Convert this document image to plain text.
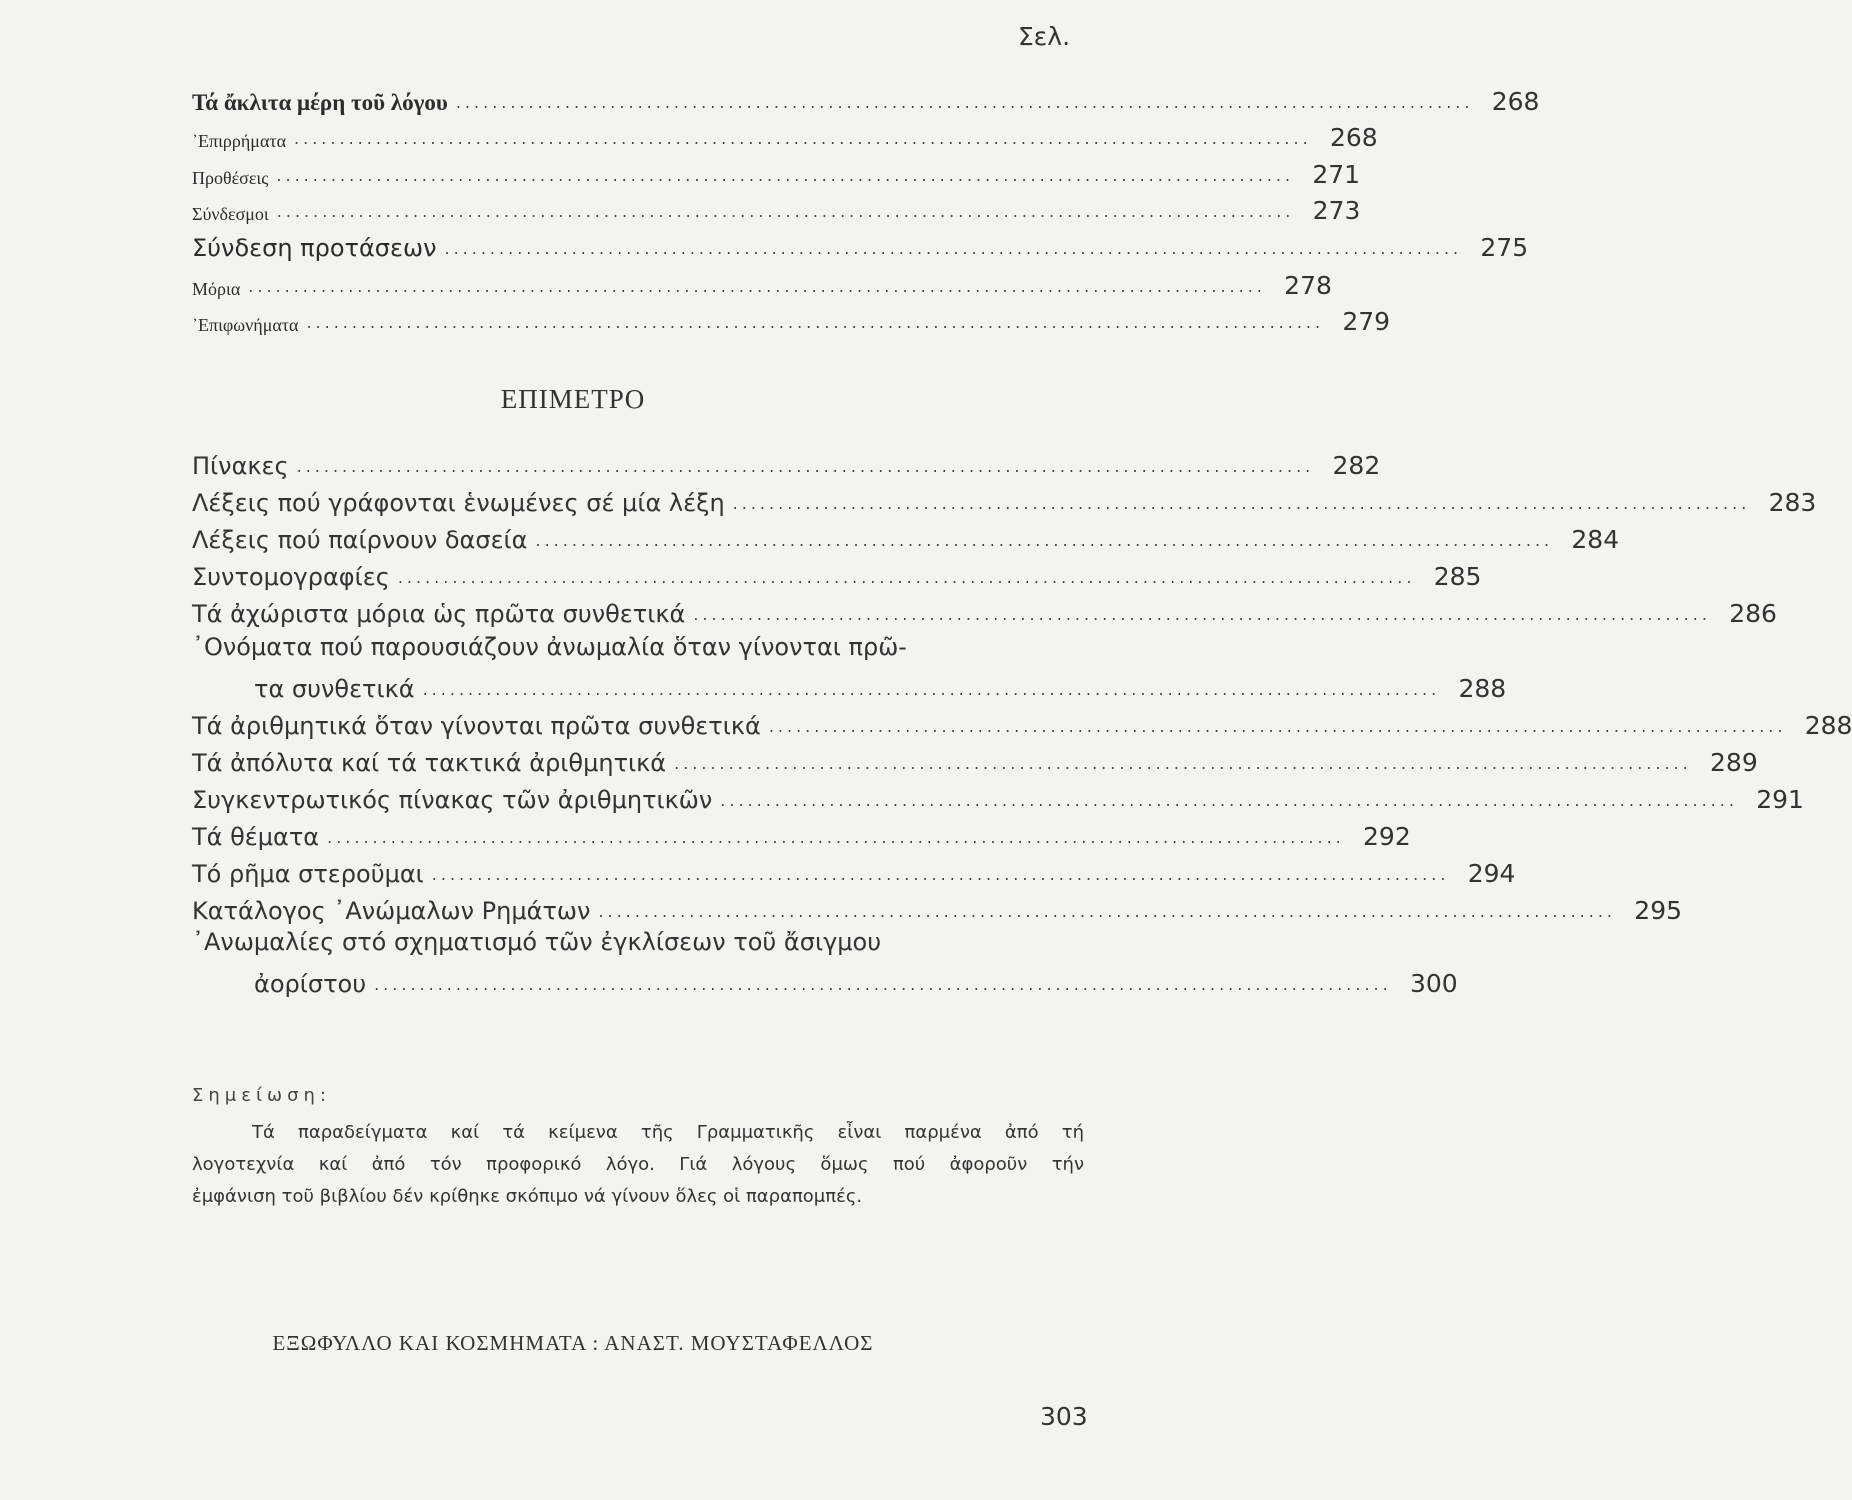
Σελ.
Τά ἄκλιτα μέρη τοῦ λόγου ................................................................................................................ 268
᾿Επιρρήματα ................................................................................................................ 268
Προθέσεις ................................................................................................................ 271
Σύνδεσμοι ................................................................................................................ 273
Σύνδεση προτάσεων ................................................................................................................ 275
Μόρια ................................................................................................................ 278
᾿Επιφωνήματα ................................................................................................................ 279
ΕΠΙΜΕΤΡΟ
Πίνακες ................................................................................................................ 282
Λέξεις πού γράφονται ἑνωμένες σέ μία λέξη ................................................................................................................ 283
Λέξεις πού παίρνουν δασεία ................................................................................................................ 284
Συντομογραφίες ................................................................................................................ 285
Τά ἀχώριστα μόρια ὡς πρῶτα συνθετικά ................................................................................................................ 286
᾿Ονόματα πού παρουσιάζουν ἀνωμαλία ὅταν γίνονται πρῶ-
τα συνθετικά ................................................................................................................ 288
Τά ἀριθμητικά ὅταν γίνονται πρῶτα συνθετικά ................................................................................................................ 288
Τά ἀπόλυτα καί τά τακτικά ἀριθμητικά ................................................................................................................ 289
Συγκεντρωτικός πίνακας τῶν ἀριθμητικῶν ................................................................................................................ 291
Τά θέματα ................................................................................................................ 292
Τό ρῆμα στεροῦμαι ................................................................................................................ 294
Κατάλογος ᾿Ανώμαλων Ρημάτων ................................................................................................................ 295
᾿Ανωμαλίες στό σχηματισμό τῶν ἐγκλίσεων τοῦ ἄσιγμου
ἀορίστου ................................................................................................................ 300
Σημείωση:
Τά παραδείγματα καί τά κείμενα τῆς Γραμματικῆς εἶναι παρμένα ἀπό τή
λογοτεχνία καί ἀπό τόν προφορικό λόγο. Γιά λόγους ὅμως πού ἀφοροῦν τήν
ἐμφάνιση τοῦ βιβλίου δέν κρίθηκε σκόπιμο νά γίνουν ὅλες οἱ παραπομπές.
ΕΞΩΦΥΛΛΟ ΚΑΙ ΚΟΣΜΗΜΑΤΑ : ΑΝΑΣΤ. ΜΟΥΣΤΑΦΕΛΛΟΣ
303
